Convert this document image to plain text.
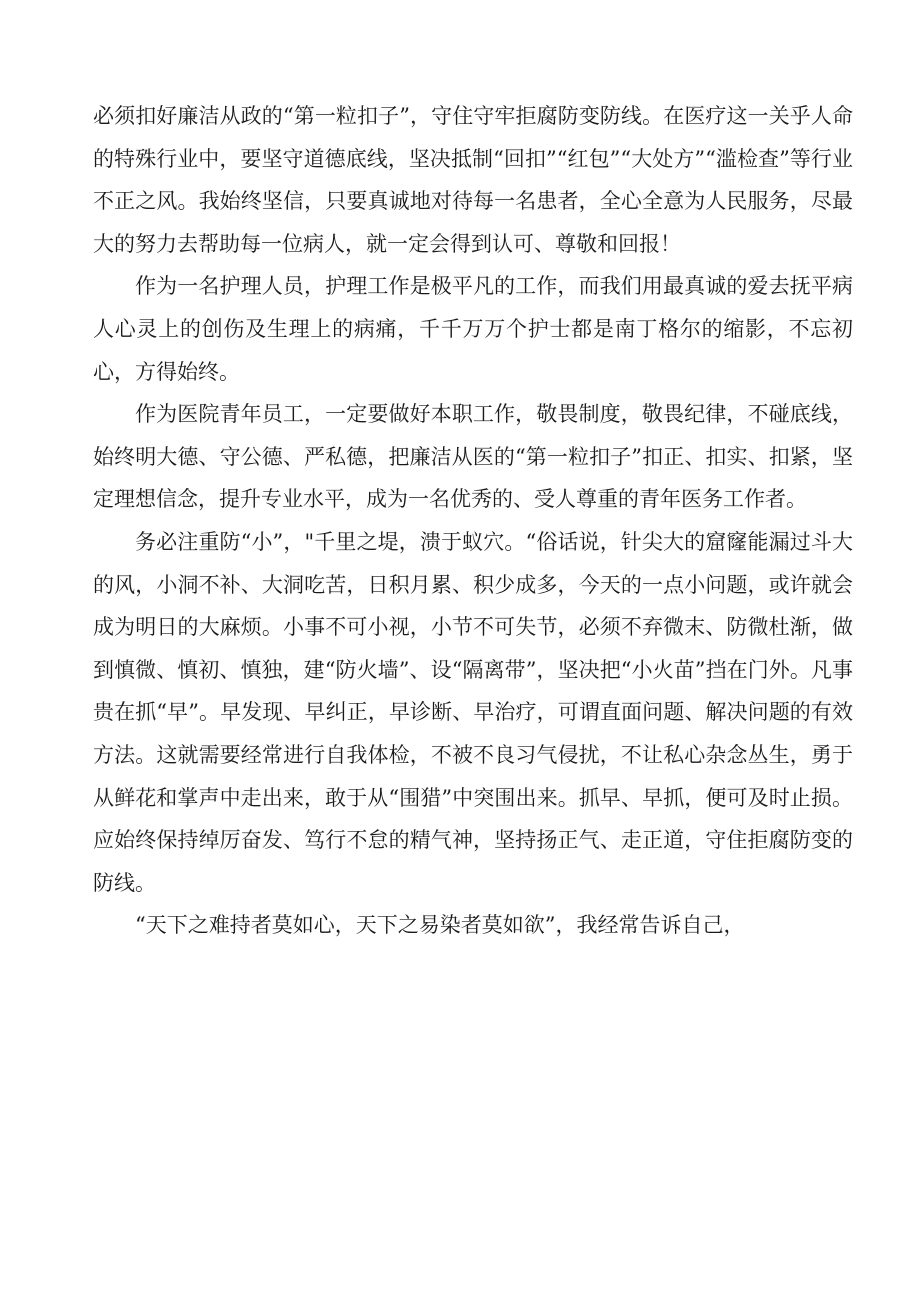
必须扣好廉洁从政的“第一粒扣子”，守住守牢拒腐防变防线。在医疗这一关乎人命的特殊行业中，要坚守道德底线，坚决抵制“回扣”“红包”“大处方”“滥检查”等行业不正之风。我始终坚信，只要真诚地对待每一名患者，全心全意为人民服务，尽最大的努力去帮助每一位病人，就一定会得到认可、尊敬和回报！

作为一名护理人员，护理工作是极平凡的工作，而我们用最真诚的爱去抚平病人心灵上的创伤及生理上的病痛，千千万万个护士都是南丁格尔的缩影，不忘初心，方得始终。

作为医院青年员工，一定要做好本职工作，敬畏制度，敬畏纪律，不碰底线，始终明大德、守公德、严私德，把廉洁从医的“第一粒扣子”扣正、扣实、扣紧，坚定理想信念，提升专业水平，成为一名优秀的、受人尊重的青年医务工作者。

务必注重防“小”，"千里之堤，溃于蚁穴。“俗话说，针尖大的窟窿能漏过斗大的风，小洞不补、大洞吃苦，日积月累、积少成多，今天的一点小问题，或许就会成为明日的大麻烦。小事不可小视，小节不可失节，必须不弃微末、防微杜渐，做到慎微、慎初、慎独，建“防火墙”、设“隔离带”，坚决把“小火苗”挡在门外。凡事贵在抓“早”。早发现、早纠正，早诊断、早治疗，可谓直面问题、解决问题的有效方法。这就需要经常进行自我体检，不被不良习气侵扰，不让私心杂念丛生，勇于从鲜花和掌声中走出来，敢于从“围猎”中突围出来。抓早、早抓，便可及时止损。应始终保持绰厉奋发、笃行不怠的精气神，坚持扬正气、走正道，守住拒腐防变的防线。

“天下之难持者莫如心，天下之易染者莫如欲”，我经常告诉自己，
